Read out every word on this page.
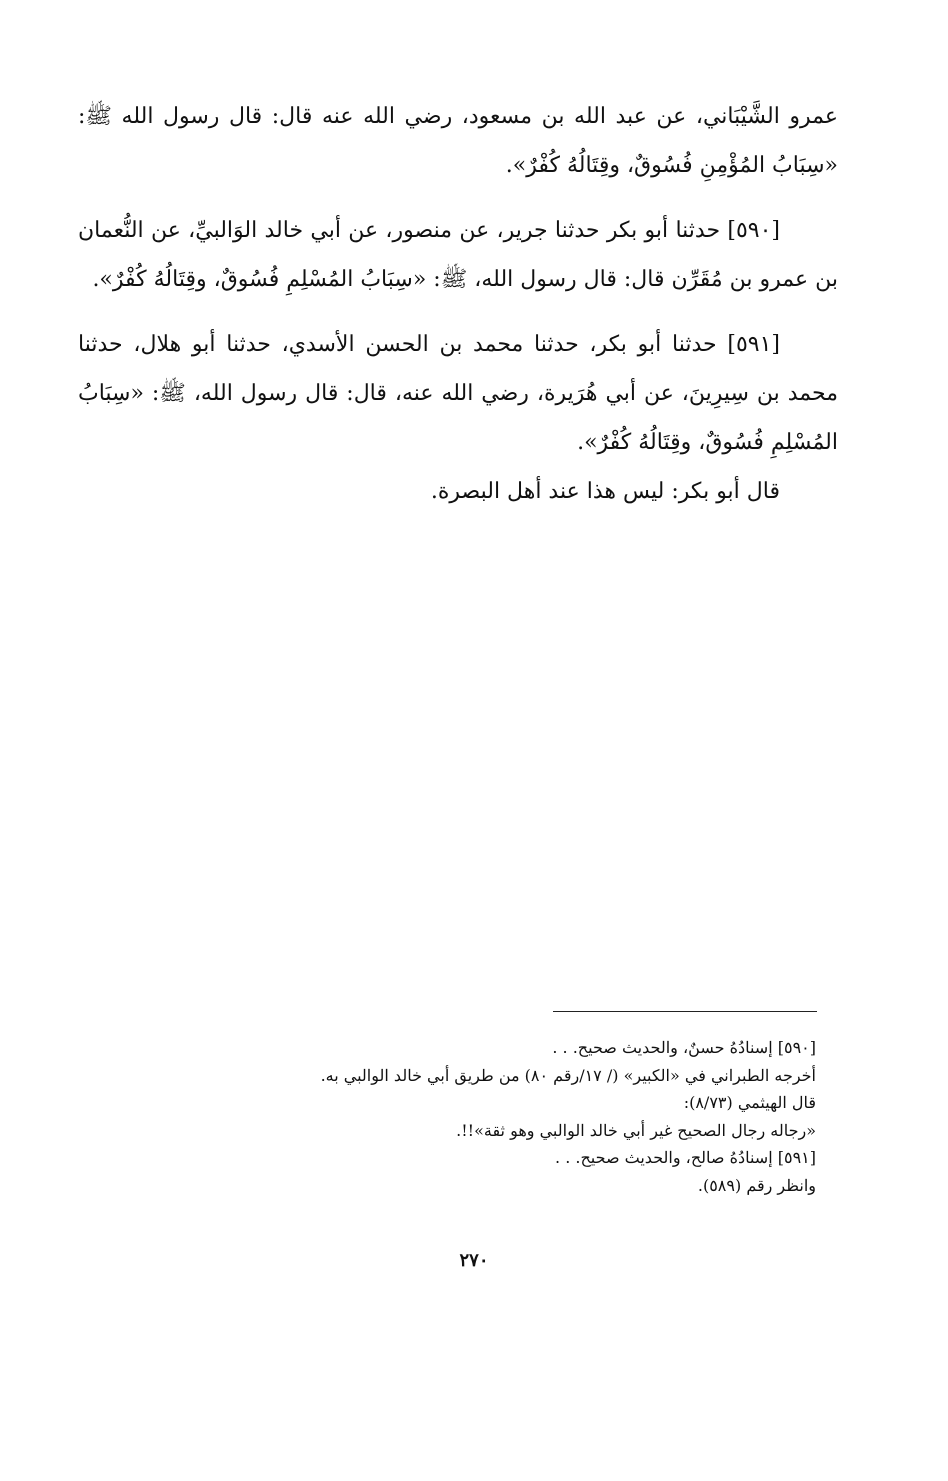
عمرو الشَّيْبَاني، عن عبد الله بن مسعود، رضي الله عنه قال: قال رسول الله ﷺ: «سِبَابُ المُؤْمِنِ فُسُوقٌ، وقِتَالُهُ كُفْرٌ».

[٥٩٠] حدثنا أبو بكر حدثنا جرير، عن منصور، عن أبي خالد الوَالبيِّ، عن النُّعمان بن عمرو بن مُقَرِّن قال: قال رسول الله، ﷺ: «سِبَابُ المُسْلِمِ فُسُوقٌ، وقِتَالُهُ كُفْرٌ».

[٥٩١] حدثنا أبو بكر، حدثنا محمد بن الحسن الأسدي، حدثنا أبو هلال، حدثنا محمد بن سِيرِينَ، عن أبي هُرَيرة، رضي الله عنه، قال: قال رسول الله، ﷺ: «سِبَابُ المُسْلِمِ فُسُوقٌ، وقِتَالُهُ كُفْرٌ».

قال أبو بكر: ليس هذا عند أهل البصرة.

[٥٩٠] إسنادُهُ حسنٌ، والحديث صحيح. . .

أخرجه الطبراني في «الكبير» (/ ١٧/رقم ٨٠) من طريق أبي خالد الوالبي به.

قال الهيثمي (٨/٧٣):

«رجاله رجال الصحيح غير أبي خالد الوالبي وهو ثقة»!!.

[٥٩١] إسنادُهُ صالح، والحديث صحيح. . .

وانظر رقم (٥٨٩).

٢٧٠
